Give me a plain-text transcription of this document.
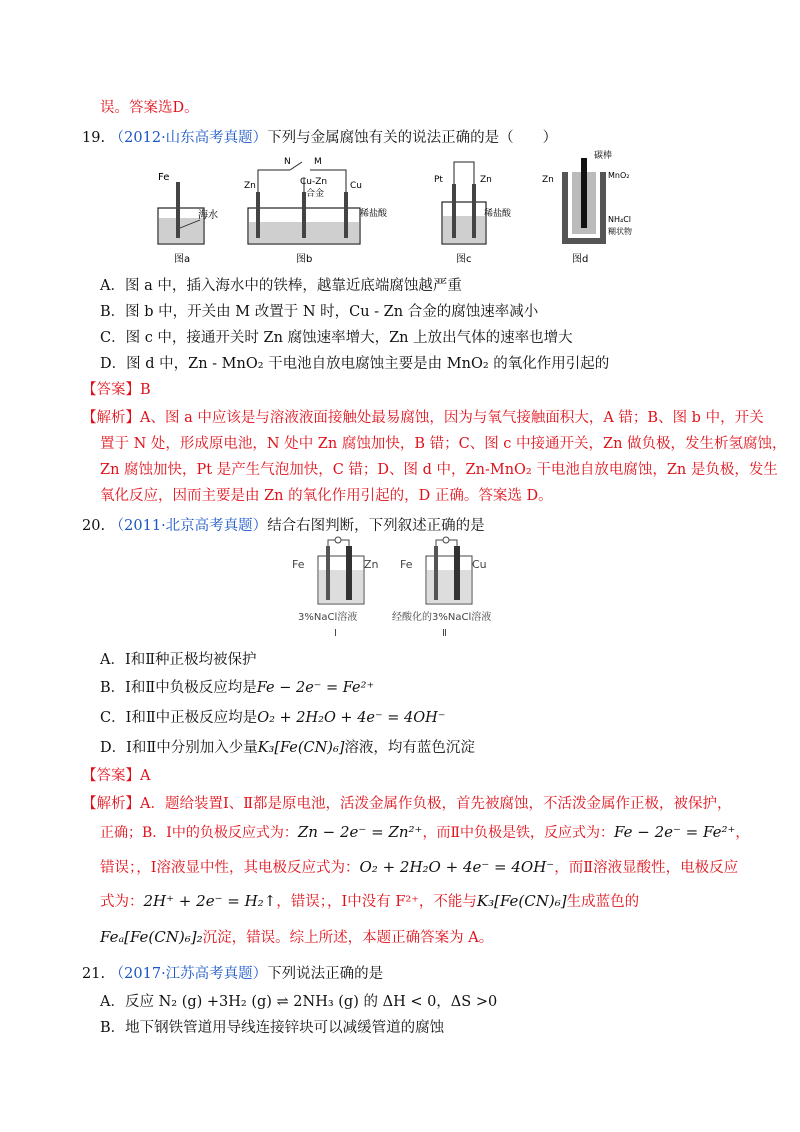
误。答案选D。
19. （2012·山东高考真题）下列与金属腐蚀有关的说法正确的是（　　）
Fe
海水
图a
N	M
Zn	Cu-Zn
合金
Cu
稀盐酸
图b
Pt	Zn
稀盐酸
图c
碳棒
Zn	MnO₂
NH₄Cl
糊状物
图d
A．图 a 中，插入海水中的铁棒，越靠近底端腐蚀越严重
B．图 b 中，开关由 M 改置于 N 时，Cu - Zn 合金的腐蚀速率减小
C．图 c 中，接通开关时 Zn 腐蚀速率增大，Zn 上放出气体的速率也增大
D．图 d 中，Zn - MnO₂ 干电池自放电腐蚀主要是由 MnO₂ 的氧化作用引起的
【答案】B
【解析】A、图 a 中应该是与溶液液面接触处最易腐蚀，因为与氧气接触面积大，A 错；B、图 b 中，开关
置于 N 处，形成原电池，N 处中 Zn 腐蚀加快，B 错；C、图 c 中接通开关，Zn 做负极，发生析氢腐蚀，
Zn 腐蚀加快，Pt 是产生气泡加快，C 错；D、图 d 中，Zn-MnO₂ 干电池自放电腐蚀，Zn 是负极，发生
氧化反应，因而主要是由 Zn 的氧化作用引起的，D 正确。答案选 D。
20. （2011·北京高考真题）结合右图判断，下列叙述正确的是
Fe	Zn
3%NaCl溶液
Ⅰ
Fe	Cu
经酸化的3%NaCl溶液
Ⅱ
A．Ⅰ和Ⅱ种正极均被保护
B．Ⅰ和Ⅱ中负极反应均是Fe − 2e⁻ = Fe²⁺
C．Ⅰ和Ⅱ中正极反应均是O₂ + 2H₂O + 4e⁻ = 4OH⁻
D．Ⅰ和Ⅱ中分别加入少量K₃[Fe(CN)₆]溶液，均有蓝色沉淀
【答案】A
【解析】A．题给装置Ⅰ、Ⅱ都是原电池，活泼金属作负极，首先被腐蚀，不活泼金属作正极，被保护，
正确；B．Ⅰ中的负极反应式为：Zn − 2e⁻ = Zn²⁺，而Ⅱ中负极是铁，反应式为：Fe − 2e⁻ = Fe²⁺，
错误；，Ⅰ溶液显中性，其电极反应式为：O₂ + 2H₂O + 4e⁻ = 4OH⁻，而Ⅱ溶液显酸性，电极反应
式为：2H⁺ + 2e⁻ = H₂↑，错误；，Ⅰ中没有 F²⁺，不能与K₃[Fe(CN)₆]生成蓝色的
Feₐ[Fe(CN)₆]₂沉淀，错误。综上所述，本题正确答案为 A。
21. （2017·江苏高考真题）下列说法正确的是
A．反应 N₂ (g) +3H₂ (g) ⇌ 2NH₃ (g) 的 ΔH < 0，ΔS >0
B．地下钢铁管道用导线连接锌块可以减缓管道的腐蚀
